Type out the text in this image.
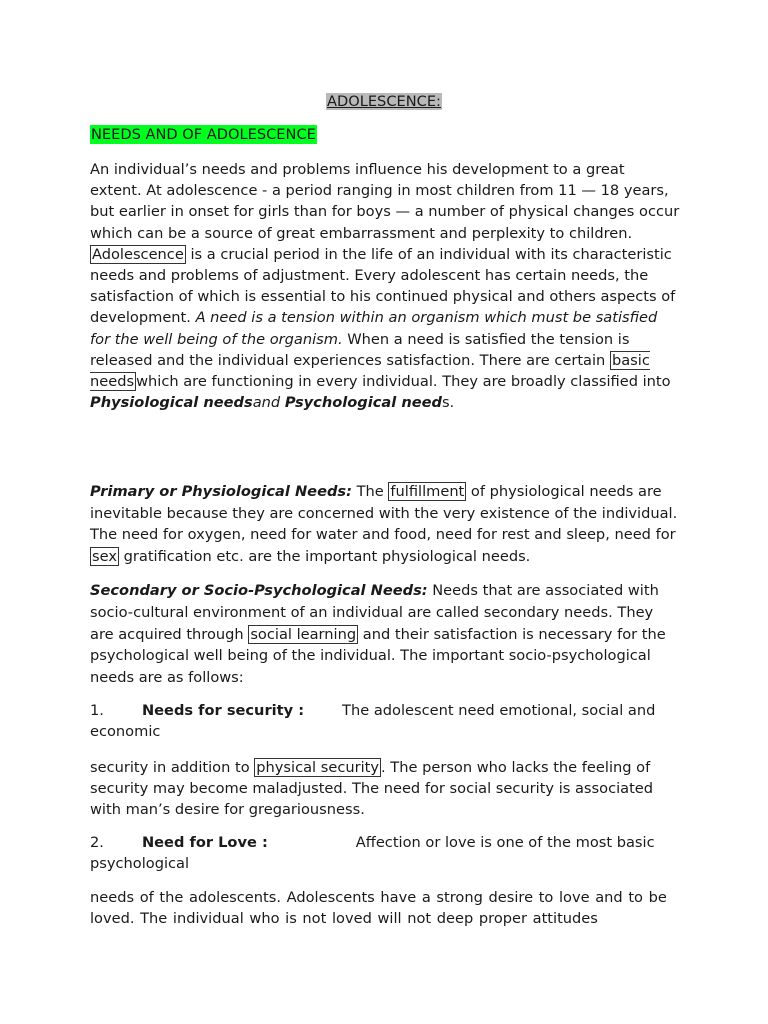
ADOLESCENCE:
NEEDS AND OF ADOLESCENCE
An individual’s needs and problems influence his development to a great extent. At adolescence - a period ranging in most children from 11 — 18 years, but earlier in onset for girls than for boys — a number of physical changes occur which can be a source of great embarrassment and perplexity to children. Adolescence is a crucial period in the life of an individual with its characteristic needs and problems of adjustment. Every adolescent has certain needs, the satisfaction of which is essential to his continued physical and others aspects of development. A need is a tension within an organism which must be satisfied for the well being of the organism. When a need is satisfied the tension is released and the individual experiences satisfaction. There are certain basic needs which are functioning in every individual. They are broadly classified into Physiological needsand Psychological needs.
Primary or Physiological Needs: The fulfillment of physiological needs are inevitable because they are concerned with the very existence of the individual. The need for oxygen, need for water and food, need for rest and sleep, need for sex gratification etc. are the important physiological needs.
Secondary or Socio-Psychological Needs: Needs that are associated with socio-cultural environment of an individual are called secondary needs. They are acquired through social learning and their satisfaction is necessary for the psychological well being of the individual. The important socio-psychological needs are as follows:
1.	Needs for security :	The adolescent need emotional, social and economic
security in addition to physical security . The person who lacks the feeling of security may become maladjusted. The need for social security is associated with man’s desire for gregariousness.
2.	Need for Love :	Affection or love is one of the most basic psychological
needs of the adolescents. Adolescents have a strong desire to love and to be loved. The individual who is not loved will not deep proper attitudes
